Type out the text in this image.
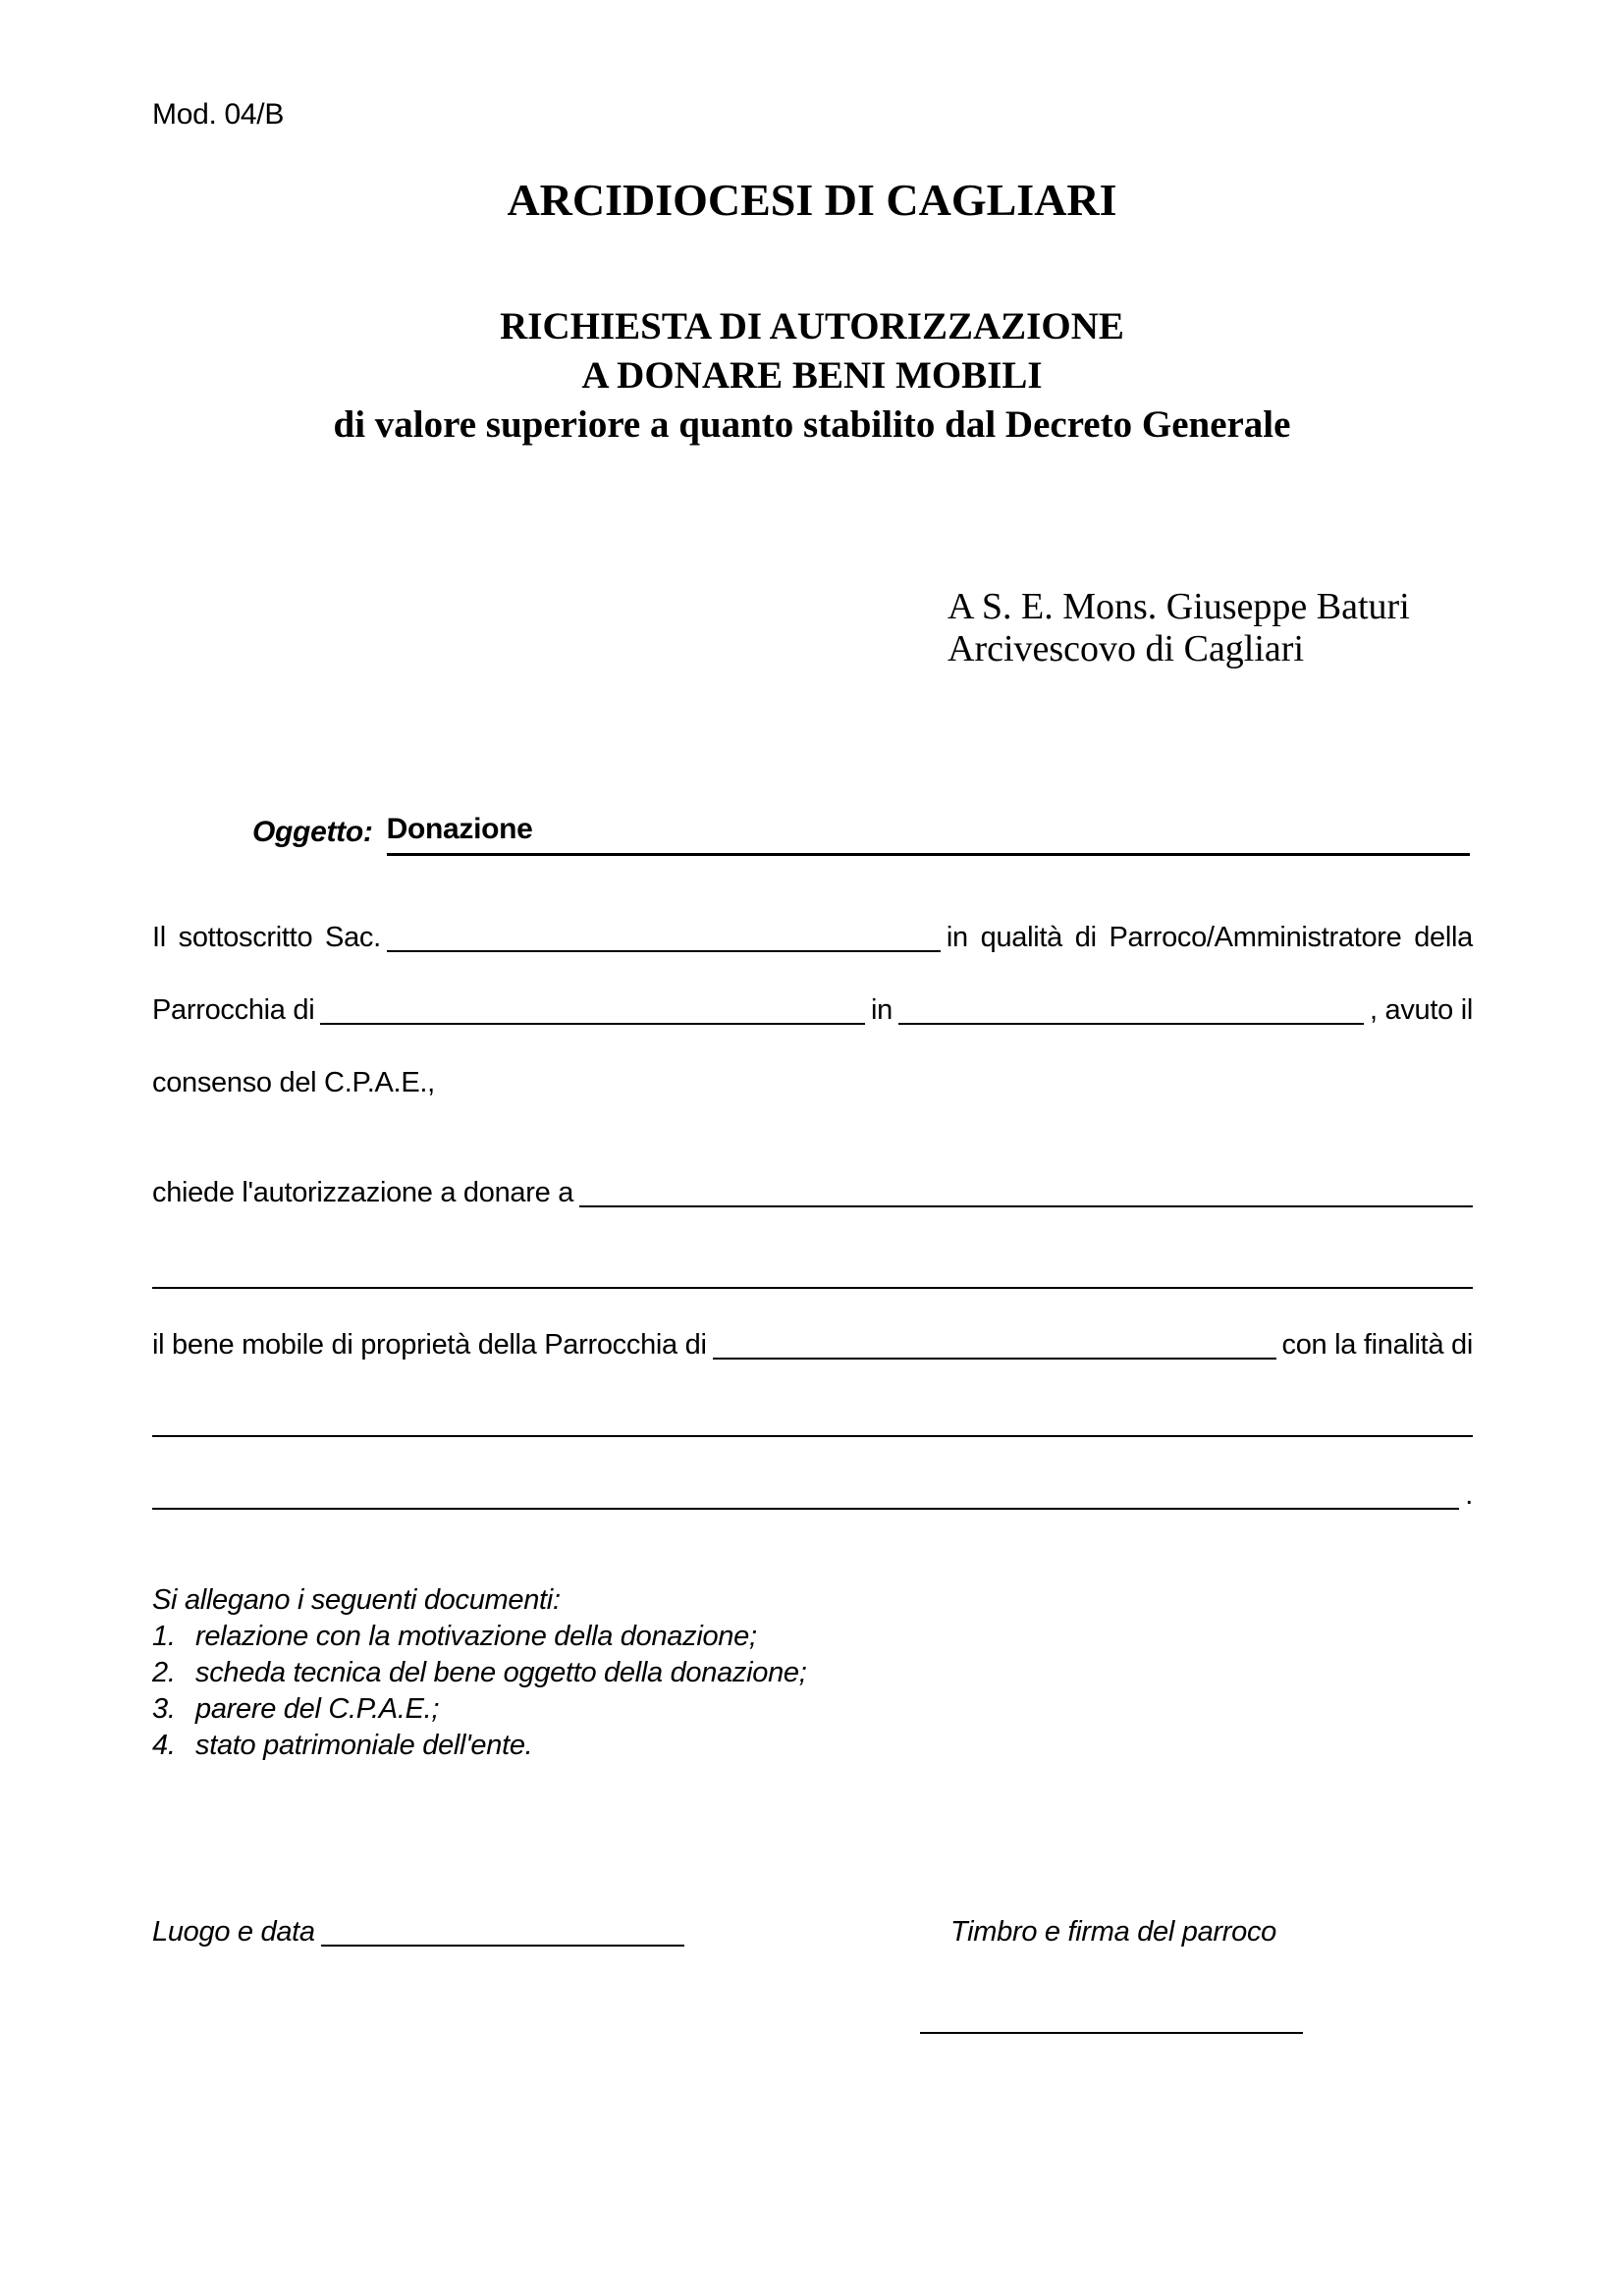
Mod. 04/B
ARCIDIOCESI DI CAGLIARI
RICHIESTA DI AUTORIZZAZIONE
A DONARE BENI MOBILI
di valore superiore a quanto stabilito dal Decreto Generale
A S. E. Mons. Giuseppe Baturi
Arcivescovo di Cagliari
Oggetto: Donazione
Il sottoscritto Sac.	in qualità di Parroco/Amministratore della
Parrocchia di	in	, avuto il
consenso del C.P.A.E.,
chiede l'autorizzazione a donare a
il bene mobile di proprietà della Parrocchia di	con la finalità di
.
Si allegano i seguenti documenti:
1. relazione con la motivazione della donazione;
2. scheda tecnica del bene oggetto della donazione;
3. parere del C.P.A.E.;
4. stato patrimoniale dell'ente.
Luogo e data	Timbro e firma del parroco
